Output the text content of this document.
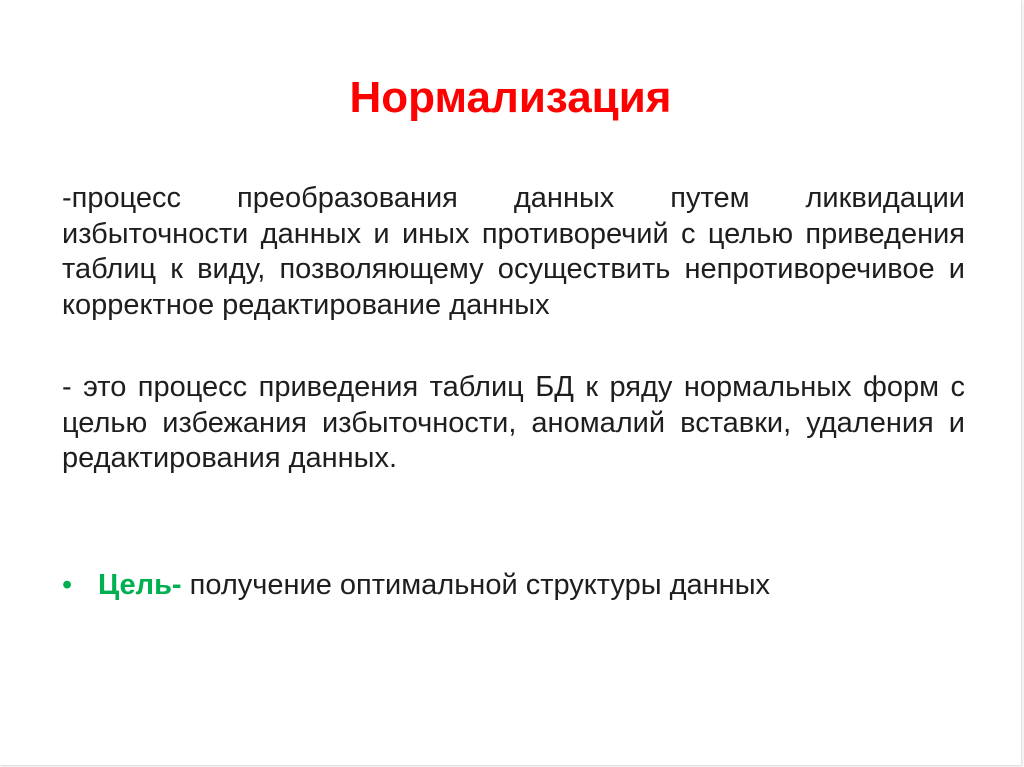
Нормализация

-процесс преобразования данных путем ликвидации избыточности данных и иных противоречий с целью приведения таблиц к виду, позволяющему осуществить непротиворечивое и корректное редактирование данных

- это процесс приведения таблиц БД к ряду нормальных форм с целью избежания избыточности, аномалий вставки, удаления и редактирования данных.

• Цель- получение оптимальной структуры данных
